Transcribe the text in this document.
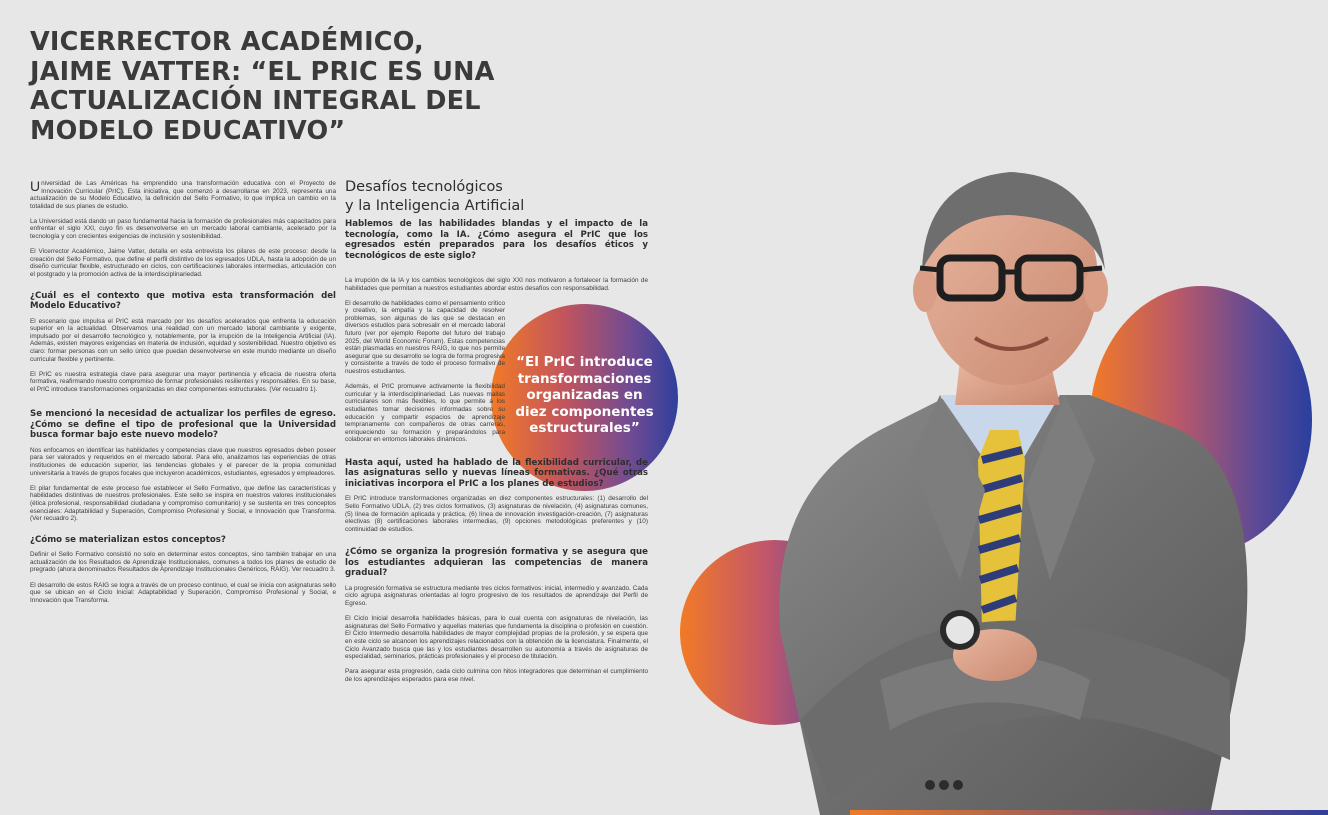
VICERRECTOR ACADÉMICO,
JAIME VATTER: “EL PRIC ES UNA
ACTUALIZACIÓN INTEGRAL DEL
MODELO EDUCATIVO”

Universidad de Las Américas ha emprendido una transformación educativa con el Proyecto de Innovación Curricular (PrIC). Esta iniciativa, que comenzó a desarrollarse en 2023, representa una actualización de su Modelo Educativo, la definición del Sello Formativo, lo que implica un cambio en la totalidad de sus planes de estudio.

La Universidad está dando un paso fundamental hacia la formación de profesionales más capacitados para enfrentar el siglo XXI, cuyo fin es desenvolverse en un mercado laboral cambiante, acelerado por la tecnología y con crecientes exigencias de inclusión y sostenibilidad.

El Vicerrector Académico, Jaime Vatter, detalla en esta entrevista los pilares de este proceso: desde la creación del Sello Formativo, que define el perfil distintivo de los egresados UDLA, hasta la adopción de un diseño curricular flexible, estructurado en ciclos, con certificaciones laborales intermedias, articulación con el postgrado y la promoción activa de la interdisciplinariedad.

¿Cuál es el contexto que motiva esta transformación del Modelo Educativo?

El escenario que impulsa el PrIC está marcado por los desafíos acelerados que enfrenta la educación superior en la actualidad. Observamos una realidad con un mercado laboral cambiante y exigente, impulsado por el desarrollo tecnológico y, notablemente, por la irrupción de la Inteligencia Artificial (IA). Además, existen mayores exigencias en materia de inclusión, equidad y sostenibilidad. Nuestro objetivo es claro: formar personas con un sello único que puedan desenvolverse en este mundo mediante un diseño curricular flexible y pertinente.

El PrIC es nuestra estrategia clave para asegurar una mayor pertinencia y eficacia de nuestra oferta formativa, reafirmando nuestro compromiso de formar profesionales resilientes y responsables. En su base, el PrIC introduce transformaciones organizadas en diez componentes estructurales. (Ver recuadro 1).

Se mencionó la necesidad de actualizar los perfiles de egreso. ¿Cómo se define el tipo de profesional que la Universidad busca formar bajo este nuevo modelo?

Nos enfocamos en identificar las habilidades y competencias clave que nuestros egresados deben poseer para ser valorados y requeridos en el mercado laboral. Para ello, analizamos las experiencias de otras instituciones de educación superior, las tendencias globales y el parecer de la propia comunidad universitaria a través de grupos focales que incluyeron académicos, estudiantes, egresados y empleadores.

El pilar fundamental de este proceso fue establecer el Sello Formativo, que define las características y habilidades distintivas de nuestros profesionales. Este sello se inspira en nuestros valores institucionales (ética profesional, responsabilidad ciudadana y compromiso comunitario) y se sustenta en tres conceptos esenciales: Adaptabilidad y Superación, Compromiso Profesional y Social, e Innovación que Transforma. (Ver recuadro 2).

¿Cómo se materializan estos conceptos?

Definir el Sello Formativo consistió no solo en determinar estos conceptos, sino también trabajar en una actualización de los Resultados de Aprendizaje Institucionales, comunes a todos los planes de estudio de pregrado (ahora denominados Resultados de Aprendizaje Institucionales Genéricos, RAIG). Ver recuadro 3.

El desarrollo de estos RAIG se logra a través de un proceso continuo, el cual se inicia con asignaturas sello que se ubican en el Ciclo Inicial: Adaptabilidad y Superación, Compromiso Profesional y Social, e Innovación que Transforma.

Desafíos tecnológicos
y la Inteligencia Artificial
Hablemos de las habilidades blandas y el impacto de la tecnología, como la IA. ¿Cómo asegura el PrIC que los egresados estén preparados para los desafíos éticos y tecnológicos de este siglo?

La irrupción de la IA y los cambios tecnológicos del siglo XXI nos motivaron a fortalecer la formación de habilidades que permitan a nuestros estudiantes abordar estos desafíos con responsabilidad.

El desarrollo de habilidades como el pensamiento crítico y creativo, la empatía y la capacidad de resolver problemas, son algunas de las que se destacan en diversos estudios para sobresalir en el mercado laboral futuro (ver por ejemplo Reporte del futuro del trabajo 2025, del World Economic Forum). Estas competencias están plasmadas en nuestros RAIG, lo que nos permite asegurar que su desarrollo se logra de forma progresiva y consistente a través de todo el proceso formativo de nuestros estudiantes.

Además, el PrIC promueve activamente la flexibilidad curricular y la interdisciplinariedad. Las nuevas mallas curriculares son más flexibles, lo que permite a los estudiantes tomar decisiones informadas sobre su educación y compartir espacios de aprendizaje tempranamente con compañeros de otras carreras, enriqueciendo su formación y preparándolos para colaborar en entornos laborales dinámicos.

Hasta aquí, usted ha hablado de la flexibilidad curricular, de las asignaturas sello y nuevas líneas formativas. ¿Qué otras iniciativas incorpora el PrIC a los planes de estudios?

El PrIC introduce transformaciones organizadas en diez componentes estructurales: (1) desarrollo del Sello Formativo UDLA, (2) tres ciclos formativos, (3) asignaturas de nivelación, (4) asignaturas comunes, (5) línea de formación aplicada y práctica, (6) línea de innovación investigación-creación, (7) asignaturas electivas (8) certificaciones laborales intermedias, (9) opciones metodológicas preferentes y (10) continuidad de estudios.

¿Cómo se organiza la progresión formativa y se asegura que los estudiantes adquieran las competencias de manera gradual?

La progresión formativa se estructura mediante tres ciclos formativos: inicial, intermedio y avanzado. Cada ciclo agrupa asignaturas orientadas al logro progresivo de los resultados de aprendizaje del Perfil de Egreso.

El Ciclo Inicial desarrolla habilidades básicas, para lo cual cuenta con asignaturas de nivelación, las asignaturas del Sello Formativo y aquellas materias que fundamenta la disciplina o profesión en cuestión. El Ciclo Intermedio desarrolla habilidades de mayor complejidad propias de la profesión, y se espera que en este ciclo se alcancen los aprendizajes relacionados con la obtención de la licenciatura. Finalmente, el Ciclo Avanzado busca que las y los estudiantes desarrollen su autonomía a través de asignaturas de especialidad, seminarios, prácticas profesionales y el proceso de titulación.

Para asegurar esta progresión, cada ciclo culmina con hitos integradores que determinan el cumplimiento de los aprendizajes esperados para ese nivel.

“El PrIC introduce transformaciones organizadas en diez componentes estructurales”
